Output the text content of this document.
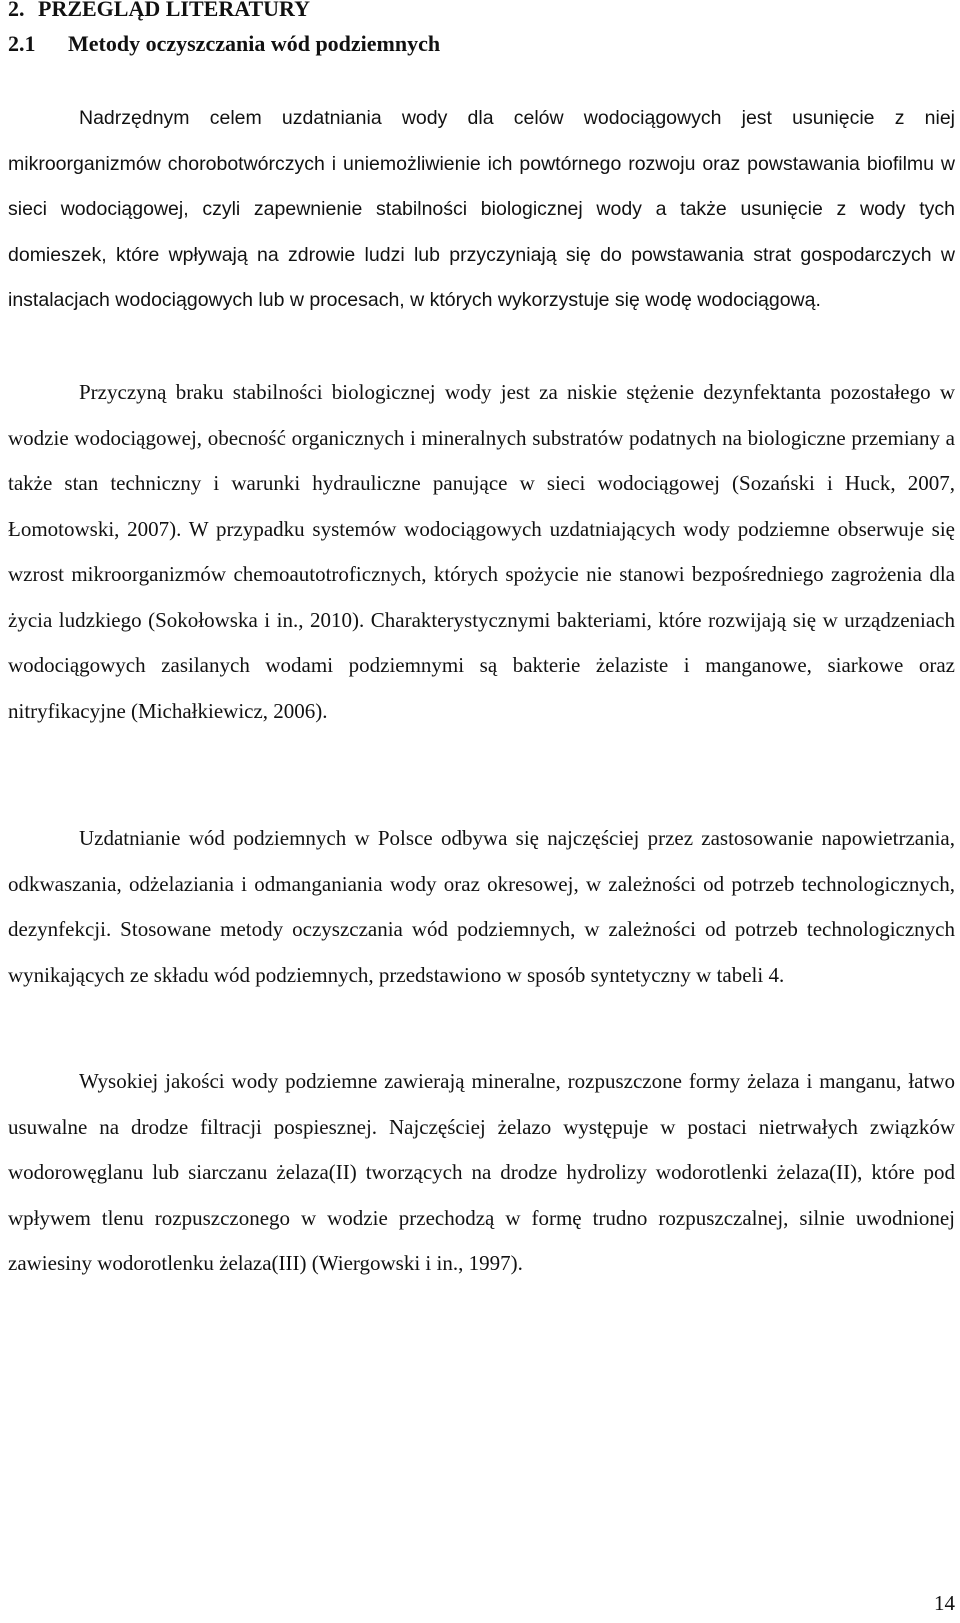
2. PRZEGLĄD LITERATURY
2.1 Metody oczyszczania wód podziemnych

Nadrzędnym celem uzdatniania wody dla celów wodociągowych jest usunięcie z niej mikroorganizmów chorobotwórczych i uniemożliwienie ich powtórnego rozwoju oraz powstawania biofilmu w sieci wodociągowej, czyli zapewnienie stabilności biologicznej wody a także usunięcie z wody tych domieszek, które wpływają na zdrowie ludzi lub przyczyniają się do powstawania strat gospodarczych w instalacjach wodociągowych lub w procesach, w których wykorzystuje się wodę wodociągową.

Przyczyną braku stabilności biologicznej wody jest za niskie stężenie dezynfektanta pozostałego w wodzie wodociągowej, obecność organicznych i mineralnych substratów podatnych na biologiczne przemiany a także stan techniczny i warunki hydrauliczne panujące w sieci wodociągowej (Sozański i Huck, 2007, Łomotowski, 2007). W przypadku systemów wodociągowych uzdatniających wody podziemne obserwuje się wzrost mikroorganizmów chemoautotroficznych, których spożycie nie stanowi bezpośredniego zagrożenia dla życia ludzkiego (Sokołowska i in., 2010). Charakterystycznymi bakteriami, które rozwijają się w urządzeniach wodociągowych zasilanych wodami podziemnymi są bakterie żelaziste i manganowe, siarkowe oraz nitryfikacyjne (Michałkiewicz, 2006).

Uzdatnianie wód podziemnych w Polsce odbywa się najczęściej przez zastosowanie napowietrzania, odkwaszania, odżelaziania i odmanganiania wody oraz okresowej, w zależności od potrzeb technologicznych, dezynfekcji. Stosowane metody oczyszczania wód podziemnych, w zależności od potrzeb technologicznych wynikających ze składu wód podziemnych, przedstawiono w sposób syntetyczny w tabeli 4.

Wysokiej jakości wody podziemne zawierają mineralne, rozpuszczone formy żelaza i manganu, łatwo usuwalne na drodze filtracji pospiesznej. Najczęściej żelazo występuje w postaci nietrwałych związków wodorowęglanu lub siarczanu żelaza(II) tworzących na drodze hydrolizy wodorotlenki żelaza(II), które pod wpływem tlenu rozpuszczonego w wodzie przechodzą w formę trudno rozpuszczalnej, silnie uwodnionej zawiesiny wodorotlenku żelaza(III) (Wiergowski i in., 1997).

14
